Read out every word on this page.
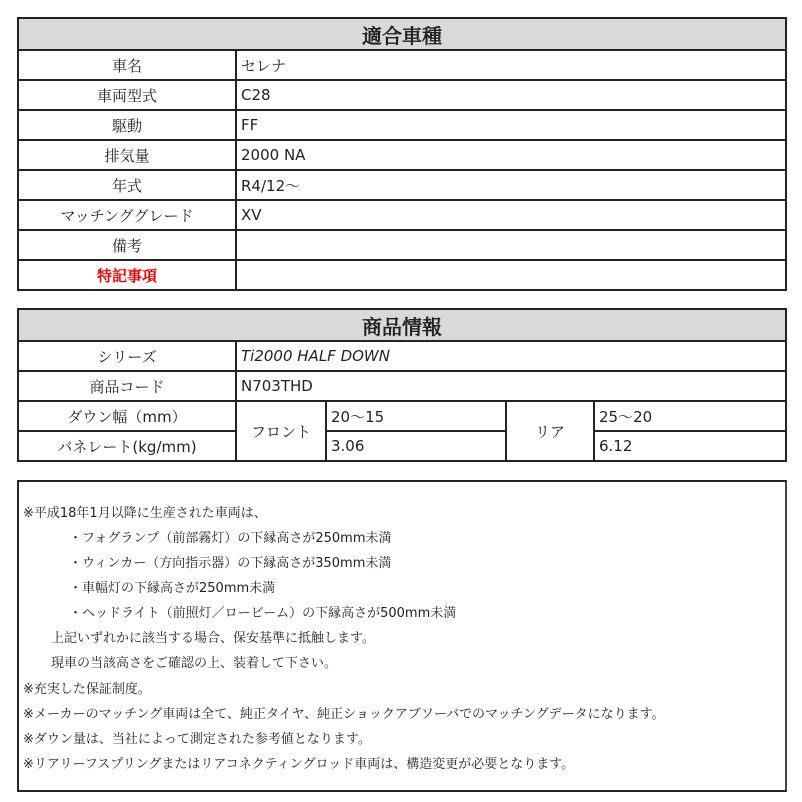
適合車種	
車名	セレナ
車両型式	C28
駆動	FF
排気量	2000 NA
年式	R4/12～
マッチンググレード	XV
備考	
特記事項	
商品情報				
シリーズ	Ti2000 HALF DOWN			
商品コード	N703THD			
ダウン幅（mm）	フロント	20～15	リア	25～20
バネレート(kg/mm)		3.06		6.12
※平成18年1月以降に生産された車両は、
・フォグランプ（前部霧灯）の下縁高さが250mm未満
・ウィンカー（方向指示器）の下縁高さが350mm未満
・車幅灯の下縁高さが250mm未満
・ヘッドライト（前照灯／ロービーム）の下縁高さが500mm未満
上記いずれかに該当する場合、保安基準に抵触します。
現車の当該高さをご確認の上、装着して下さい。
※充実した保証制度。
※メーカーのマッチング車両は全て、純正タイヤ、純正ショックアブソーバでのマッチングデータになります。
※ダウン量は、当社によって測定された参考値となります。
※リアリーフスプリングまたはリアコネクティングロッド車両は、構造変更が必要となります。
